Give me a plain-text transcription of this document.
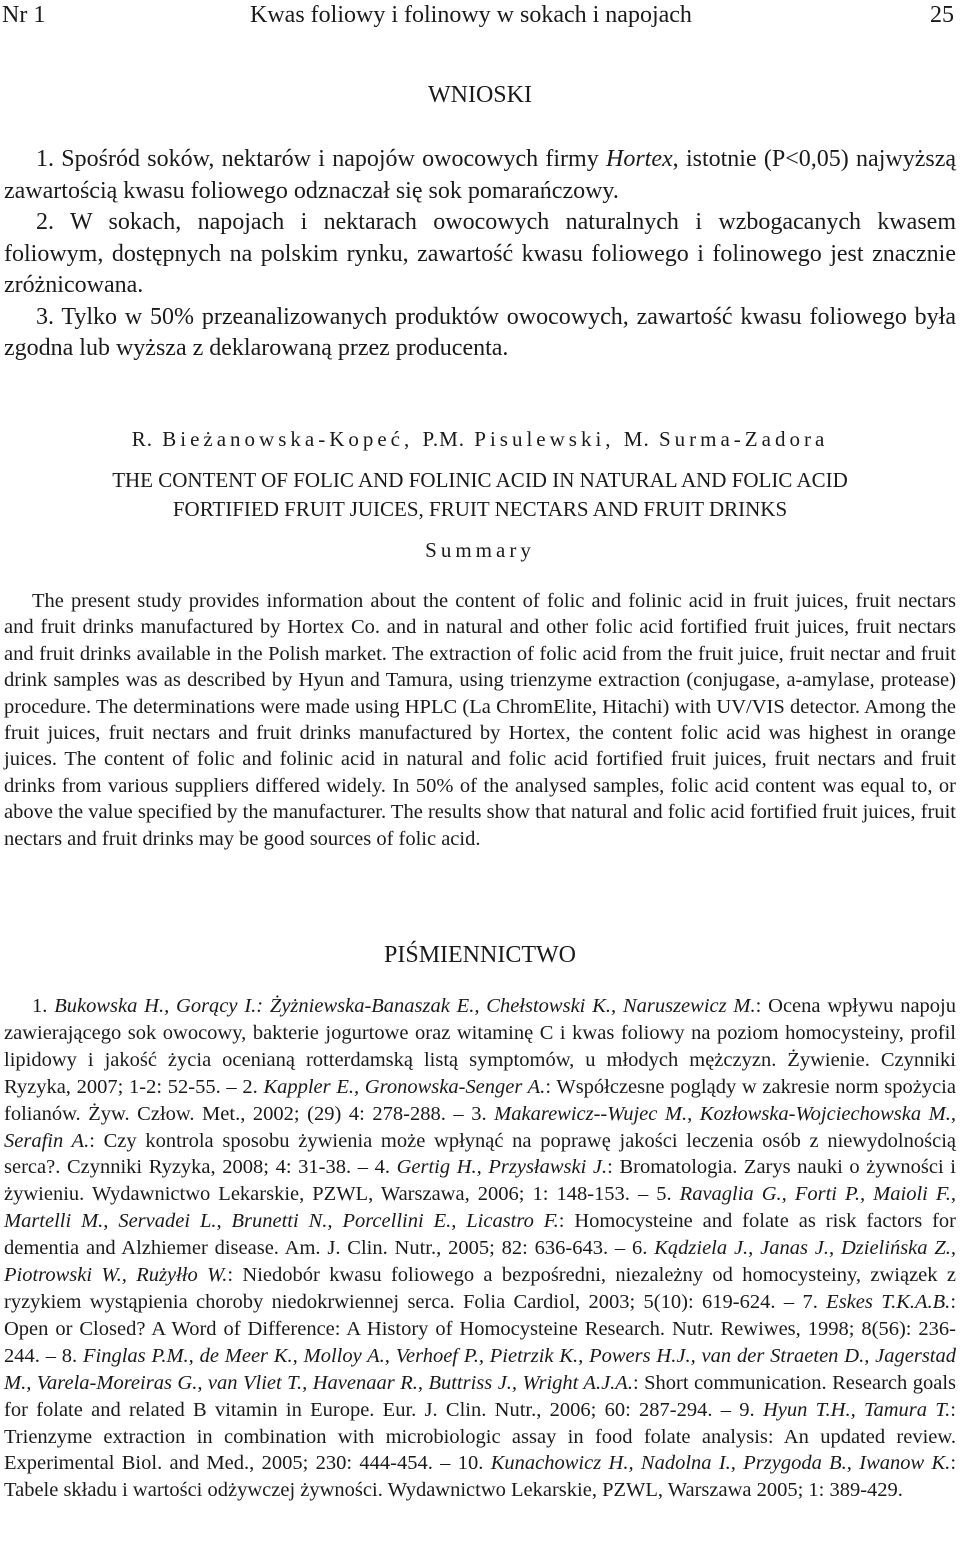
Nr 1	Kwas foliowy i folinowy w sokach i napojach	25
WNIOSKI

1. Spośród soków, nektarów i napojów owocowych firmy Hortex, istotnie (P<0,05) najwyższą zawartością kwasu foliowego odznaczał się sok pomarańczowy.

2. W sokach, napojach i nektarach owocowych naturalnych i wzbogacanych kwasem foliowym, dostępnych na polskim rynku, zawartość kwasu foliowego i folinowego jest znacznie zróżnicowana.

3. Tylko w 50% przeanalizowanych produktów owocowych, zawartość kwasu foliowego była zgodna lub wyższa z deklarowaną przez producenta.

R. Bieżanowska-Kopeć, P.M. Pisulewski, M. Surma-Zadora
THE CONTENT OF FOLIC AND FOLINIC ACID IN NATURAL AND FOLIC ACID
FORTIFIED FRUIT JUICES, FRUIT NECTARS AND FRUIT DRINKS
Summary

The present study provides information about the content of folic and folinic acid in fruit juices, fruit nectars and fruit drinks manufactured by Hortex Co. and in natural and other folic acid fortified fruit juices, fruit nectars and fruit drinks available in the Polish market. The extraction of folic acid from the fruit juice, fruit nectar and fruit drink samples was as described by Hyun and Tamura, using trienzyme extraction (conjugase, a-amylase, protease) procedure. The determinations were made using HPLC (La ChromElite, Hitachi) with UV/VIS detector. Among the fruit juices, fruit nectars and fruit drinks manufactured by Hortex, the content folic acid was highest in orange juices. The content of folic and folinic acid in natural and folic acid fortified fruit juices, fruit nectars and fruit drinks from various suppliers differed widely. In 50% of the analysed samples, folic acid content was equal to, or above the value specified by the manufacturer. The results show that natural and folic acid fortified fruit juices, fruit nectars and fruit drinks may be good sources of folic acid.

PIŚMIENNICTWO

1. Bukowska H., Gorący I.: Żyżniewska-Banaszak E., Chełstowski K., Naruszewicz M.: Ocena wpływu napoju zawierającego sok owocowy, bakterie jogurtowe oraz witaminę C i kwas foliowy na poziom homocysteiny, profil lipidowy i jakość życia ocenianą rotterdamską listą symptomów, u młodych mężczyzn. Żywienie. Czynniki Ryzyka, 2007; 1-2: 52-55. – 2. Kappler E., Gronowska-Senger A.: Współczesne poglądy w zakresie norm spożycia folianów. Żyw. Człow. Met., 2002; (29) 4: 278-288. – 3. Makarewicz--Wujec M., Kozłowska-Wojciechowska M., Serafin A.: Czy kontrola sposobu żywienia może wpłynąć na poprawę jakości leczenia osób z niewydolnością serca?. Czynniki Ryzyka, 2008; 4: 31-38. – 4. Gertig H., Przysławski J.: Bromatologia. Zarys nauki o żywności i żywieniu. Wydawnictwo Lekarskie, PZWL, Warszawa, 2006; 1: 148-153. – 5. Ravaglia G., Forti P., Maioli F., Martelli M., Servadei L., Brunetti N., Porcellini E., Licastro F.: Homocysteine and folate as risk factors for dementia and Alzhiemer disease. Am. J. Clin. Nutr., 2005; 82: 636-643. – 6. Kądziela J., Janas J., Dzielińska Z., Piotrowski W., Rużyłło W.: Niedobór kwasu foliowego a bezpośredni, niezależny od homocysteiny, związek z ryzykiem wystąpienia choroby niedokrwiennej serca. Folia Cardiol, 2003; 5(10): 619-624. – 7. Eskes T.K.A.B.: Open or Closed? A Word of Difference: A History of Homocysteine Research. Nutr. Rewiwes, 1998; 8(56): 236-244. – 8. Finglas P.M., de Meer K., Molloy A., Verhoef P., Pietrzik K., Powers H.J., van der Straeten D., Jagerstad M., Varela-Moreiras G., van Vliet T., Havenaar R., Buttriss J., Wright A.J.A.: Short communication. Research goals for folate and related B vitamin in Europe. Eur. J. Clin. Nutr., 2006; 60: 287-294. – 9. Hyun T.H., Tamura T.: Trienzyme extraction in combination with microbiologic assay in food folate analysis: An updated review. Experimental Biol. and Med., 2005; 230: 444-454. – 10. Kunachowicz H., Nadolna I., Przygoda B., Iwanow K.: Tabele składu i wartości odżywczej żywności. Wydawnictwo Lekarskie, PZWL, Warszawa 2005; 1: 389-429.
